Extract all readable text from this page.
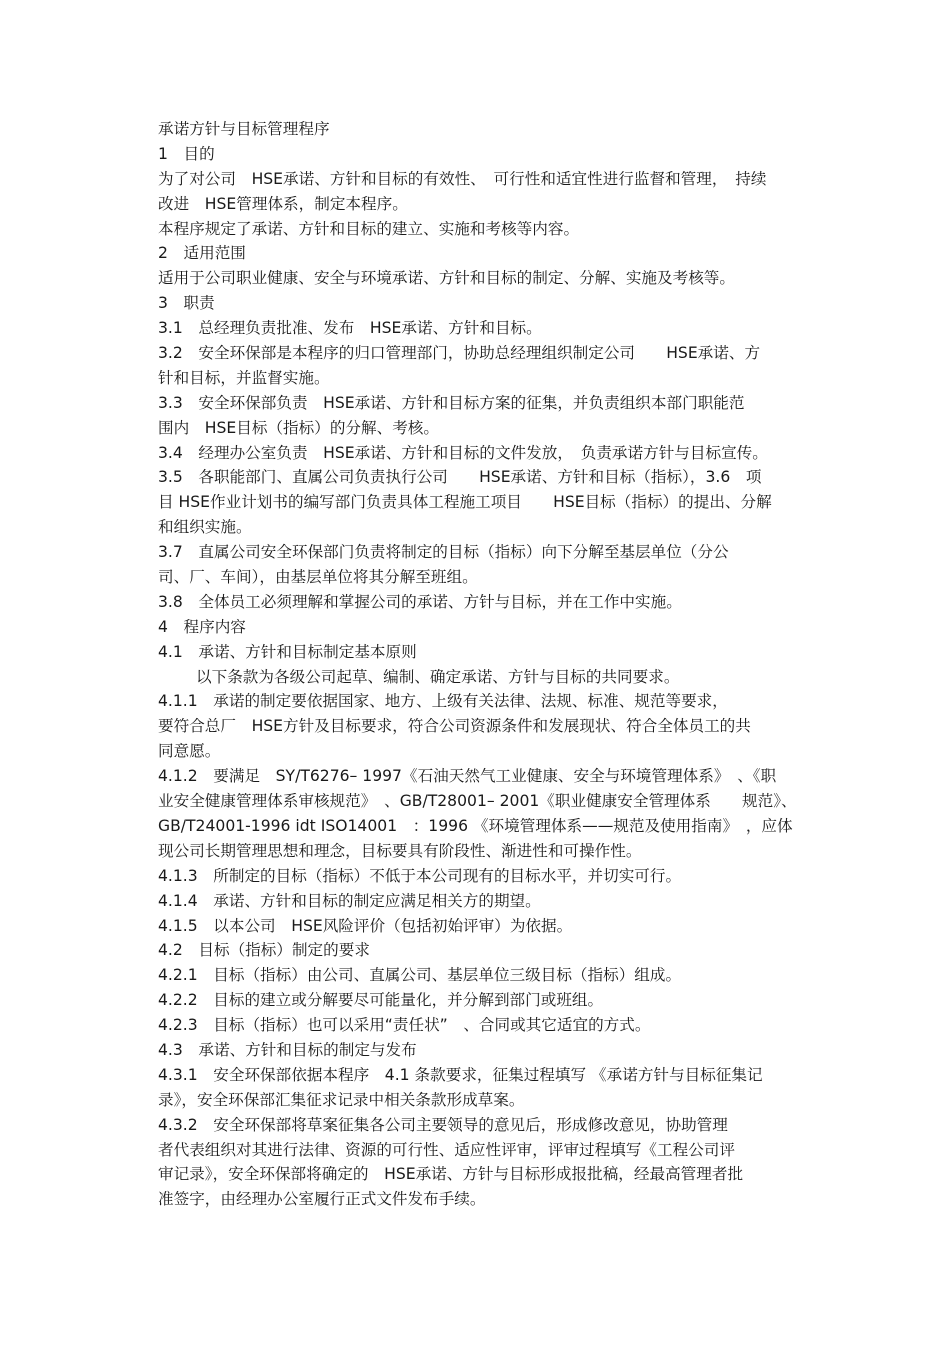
承诺方针与目标管理程序
1　目的
为了对公司　HSE承诺、方针和目标的有效性、　可行性和适宜性进行监督和管理，　持续
改进　HSE管理体系，制定本程序。
本程序规定了承诺、方针和目标的建立、实施和考核等内容。
2　适用范围
适用于公司职业健康、安全与环境承诺、方针和目标的制定、分解、实施及考核等。
3　职责
3.1　总经理负责批准、发布　HSE承诺、方针和目标。
3.2　安全环保部是本程序的归口管理部门，协助总经理组织制定公司　　HSE承诺、方
针和目标，并监督实施。
3.3　安全环保部负责　HSE承诺、方针和目标方案的征集，并负责组织本部门职能范
围内　HSE目标（指标）的分解、考核。
3.4　经理办公室负责　HSE承诺、方针和目标的文件发放，　负责承诺方针与目标宣传。
3.5　各职能部门、直属公司负责执行公司　　HSE承诺、方针和目标（指标），3.6　项
目 HSE作业计划书的编写部门负责具体工程施工项目　　HSE目标（指标）的提出、分解
和组织实施。
3.7　直属公司安全环保部门负责将制定的目标（指标）向下分解至基层单位（分公
司、厂、车间），由基层单位将其分解至班组。
3.8　全体员工必须理解和掌握公司的承诺、方针与目标，并在工作中实施。
4　程序内容
4.1　承诺、方针和目标制定基本原则
以下条款为各级公司起草、编制、确定承诺、方针与目标的共同要求。
4.1.1　承诺的制定要依据国家、地方、上级有关法律、法规、标准、规范等要求，
要符合总厂　HSE方针及目标要求，符合公司资源条件和发展现状、符合全体员工的共
同意愿。
4.1.2　要满足　SY/T6276– 1997《石油天然气工业健康、安全与环境管理体系》　、《职
业安全健康管理体系审核规范》　、GB/T28001– 2001《职业健康安全管理体系　　规范》、
GB/T24001-1996 idt ISO14001　：1996 《环境管理体系——规范及使用指南》　，应体
现公司长期管理思想和理念，目标要具有阶段性、渐进性和可操作性。
4.1.3　所制定的目标（指标）不低于本公司现有的目标水平，并切实可行。
4.1.4　承诺、方针和目标的制定应满足相关方的期望。
4.1.5　以本公司　HSE风险评价（包括初始评审）为依据。
4.2　目标（指标）制定的要求
4.2.1　目标（指标）由公司、直属公司、基层单位三级目标（指标）组成。
4.2.2　目标的建立或分解要尽可能量化，并分解到部门或班组。
4.2.3　目标（指标）也可以采用“责任状”　、合同或其它适宜的方式。
4.3　承诺、方针和目标的制定与发布
4.3.1　安全环保部依据本程序　4.1 条款要求，征集过程填写 《承诺方针与目标征集记
录》，安全环保部汇集征求记录中相关条款形成草案。
4.3.2　安全环保部将草案征集各公司主要领导的意见后，形成修改意见，协助管理
者代表组织对其进行法律、资源的可行性、适应性评审，评审过程填写《工程公司评
审记录》，安全环保部将确定的　HSE承诺、方针与目标形成报批稿，经最高管理者批
准签字，由经理办公室履行正式文件发布手续。
